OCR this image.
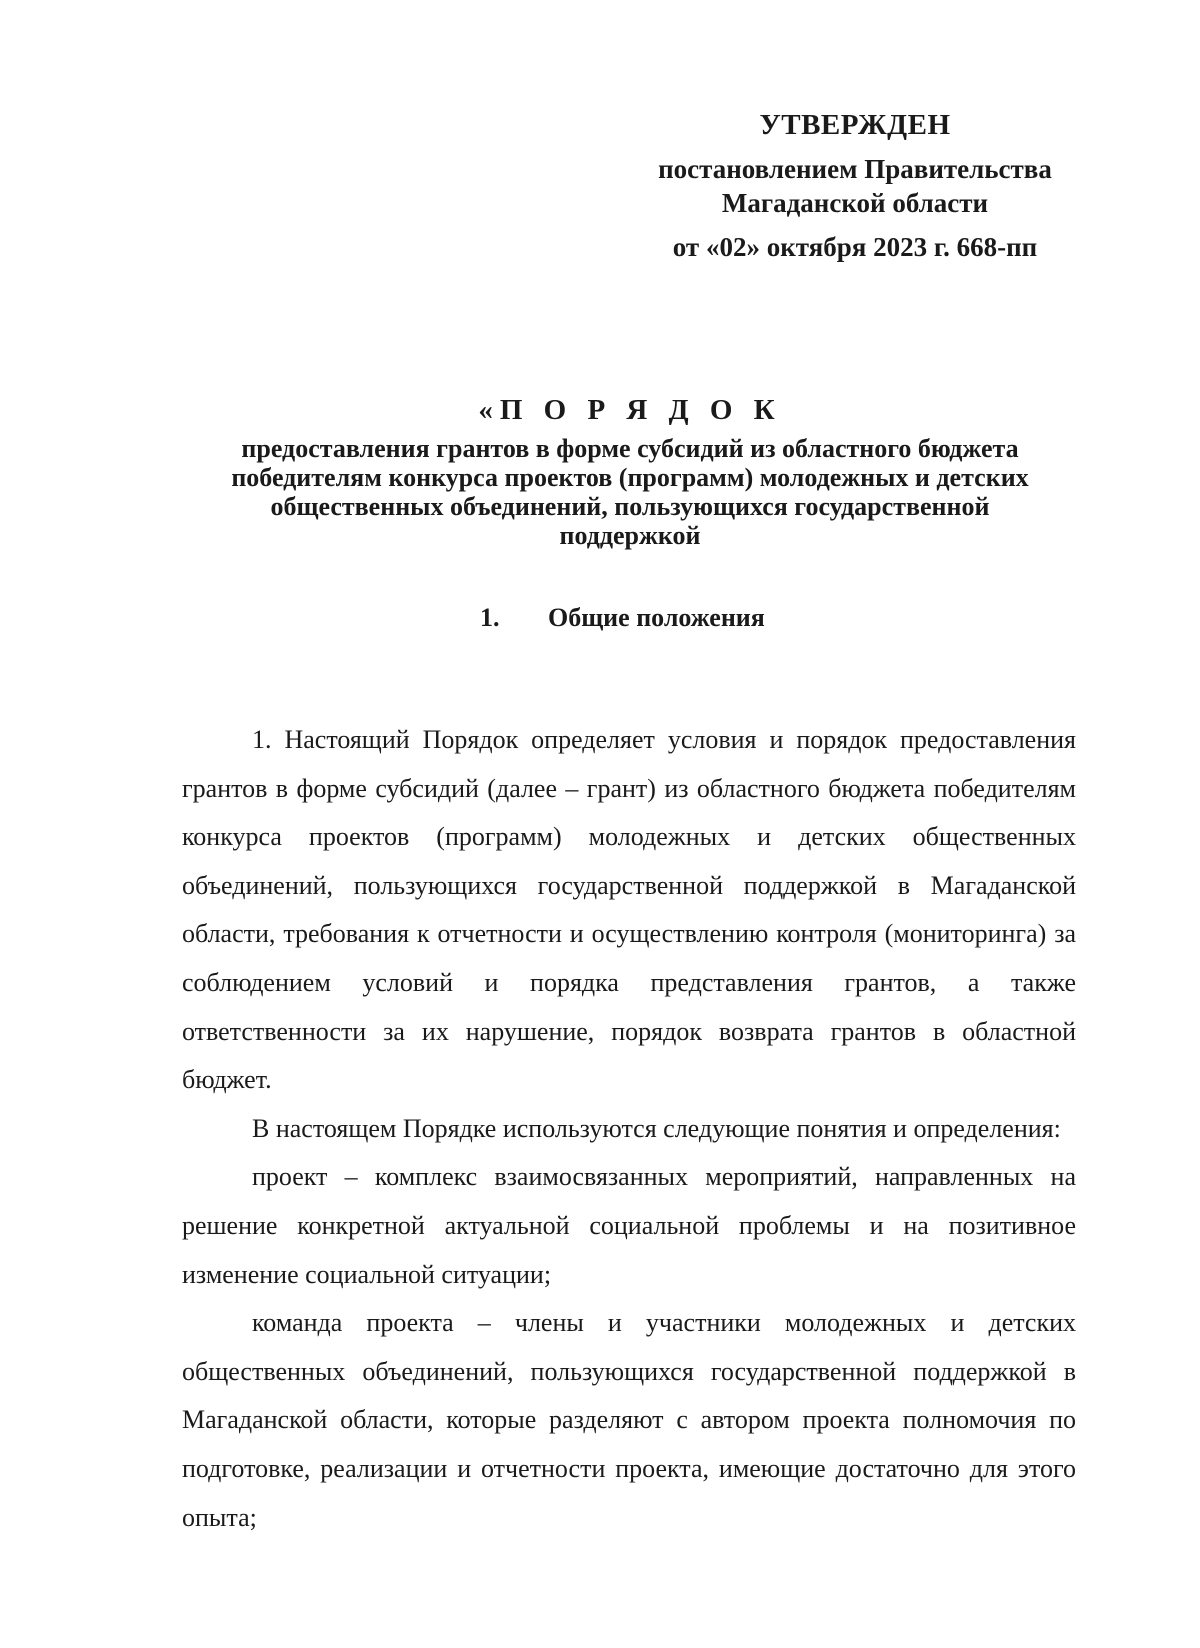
УТВЕРЖДЕН
постановлением Правительства
Магаданской области
от «02» октября 2023 г. 668-пп
«П О Р Я Д О К
предоставления грантов в форме субсидий из областного бюджета
победителям конкурса проектов (программ) молодежных и детских
общественных объединений, пользующихся государственной
поддержкой
1. Общие положения

1. Настоящий Порядок определяет условия и порядок предоставления грантов в форме субсидий (далее – грант) из областного бюджета победителям конкурса проектов (программ) молодежных и детских общественных объединений, пользующихся государственной поддержкой в Магаданской области, требования к отчетности и осуществлению контроля (мониторинга) за соблюдением условий и порядка представления грантов, а также ответственности за их нарушение, порядок возврата грантов в областной бюджет.

В настоящем Порядке используются следующие понятия и определения:

проект – комплекс взаимосвязанных мероприятий, направленных на решение конкретной актуальной социальной проблемы и на позитивное изменение социальной ситуации;

команда проекта – члены и участники молодежных и детских общественных объединений, пользующихся государственной поддержкой в Магаданской области, которые разделяют с автором проекта полномочия по подготовке, реализации и отчетности проекта, имеющие достаточно для этого опыта;
